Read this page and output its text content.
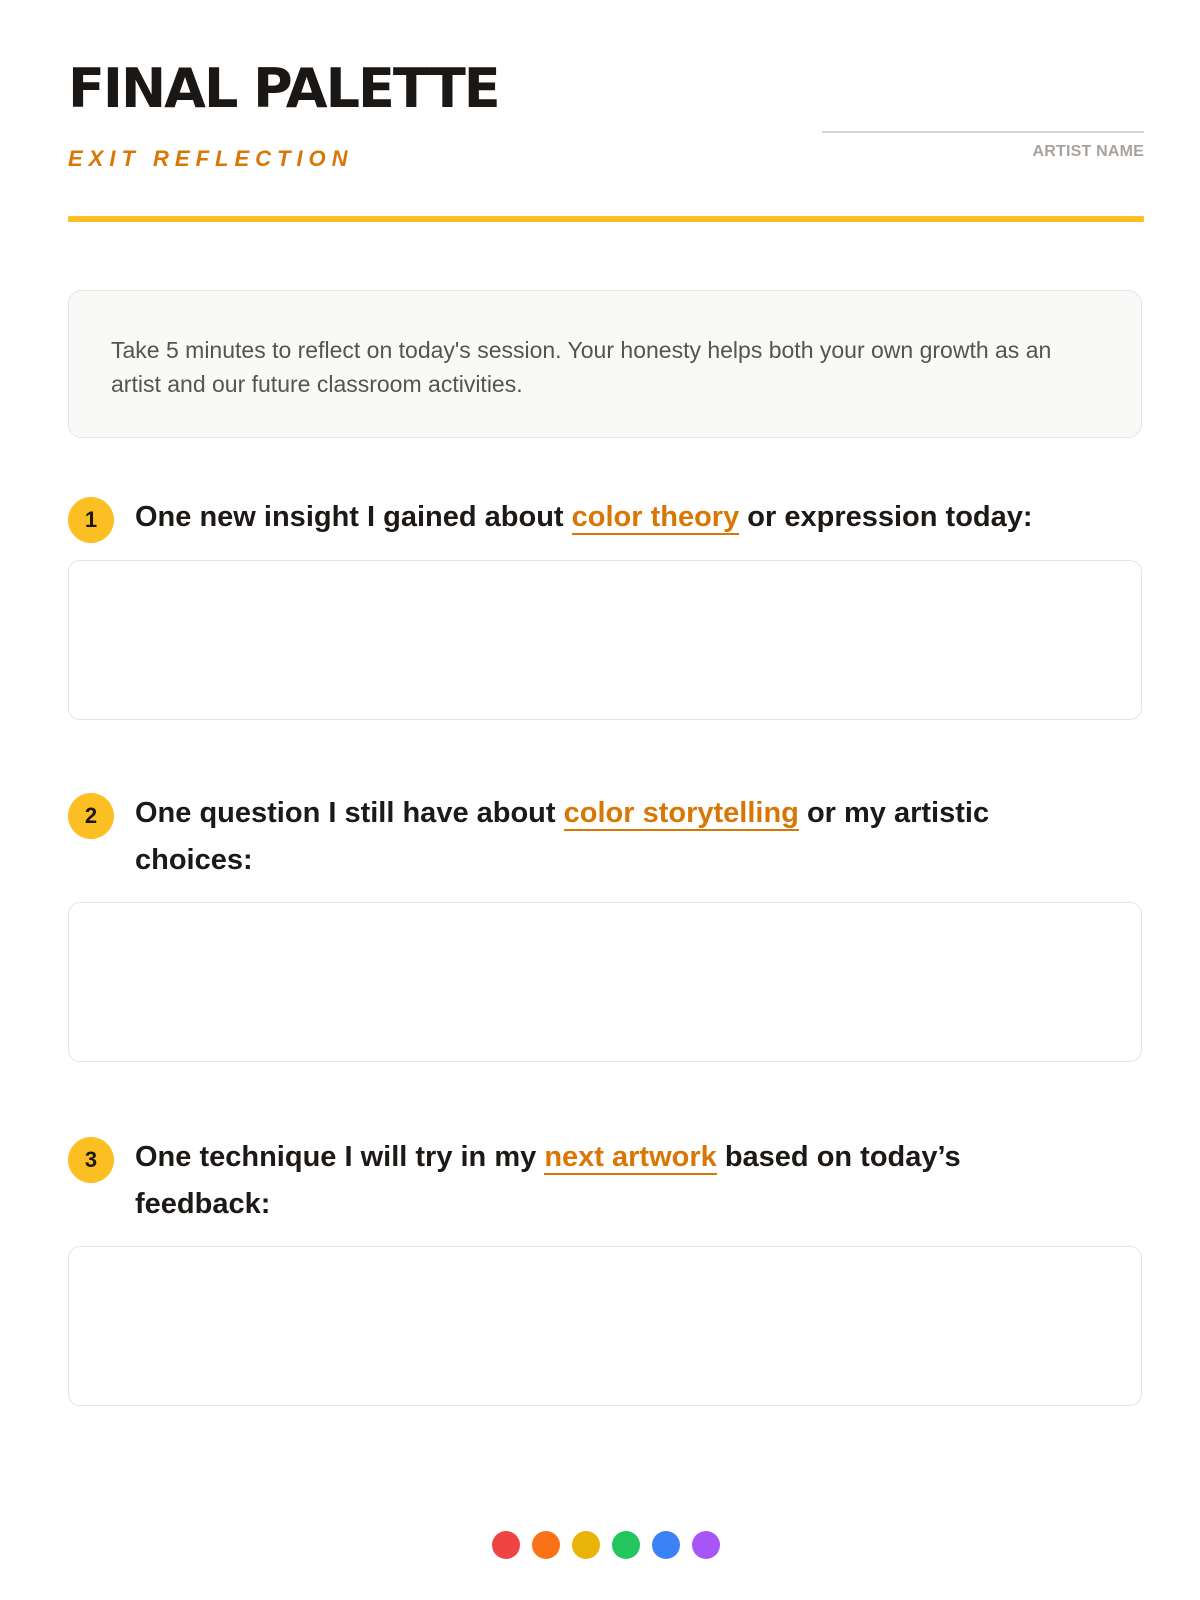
FINAL PALETTE
EXIT REFLECTION	ARTIST NAME
Take 5 minutes to reflect on today's session. Your honesty helps both your own growth as an artist and our future classroom activities.
1	One new insight I gained about color theory or expression today:

2	One question I still have about color storytelling or my artistic choices:

3	One technique I will try in my next artwork based on today’s feedback:
